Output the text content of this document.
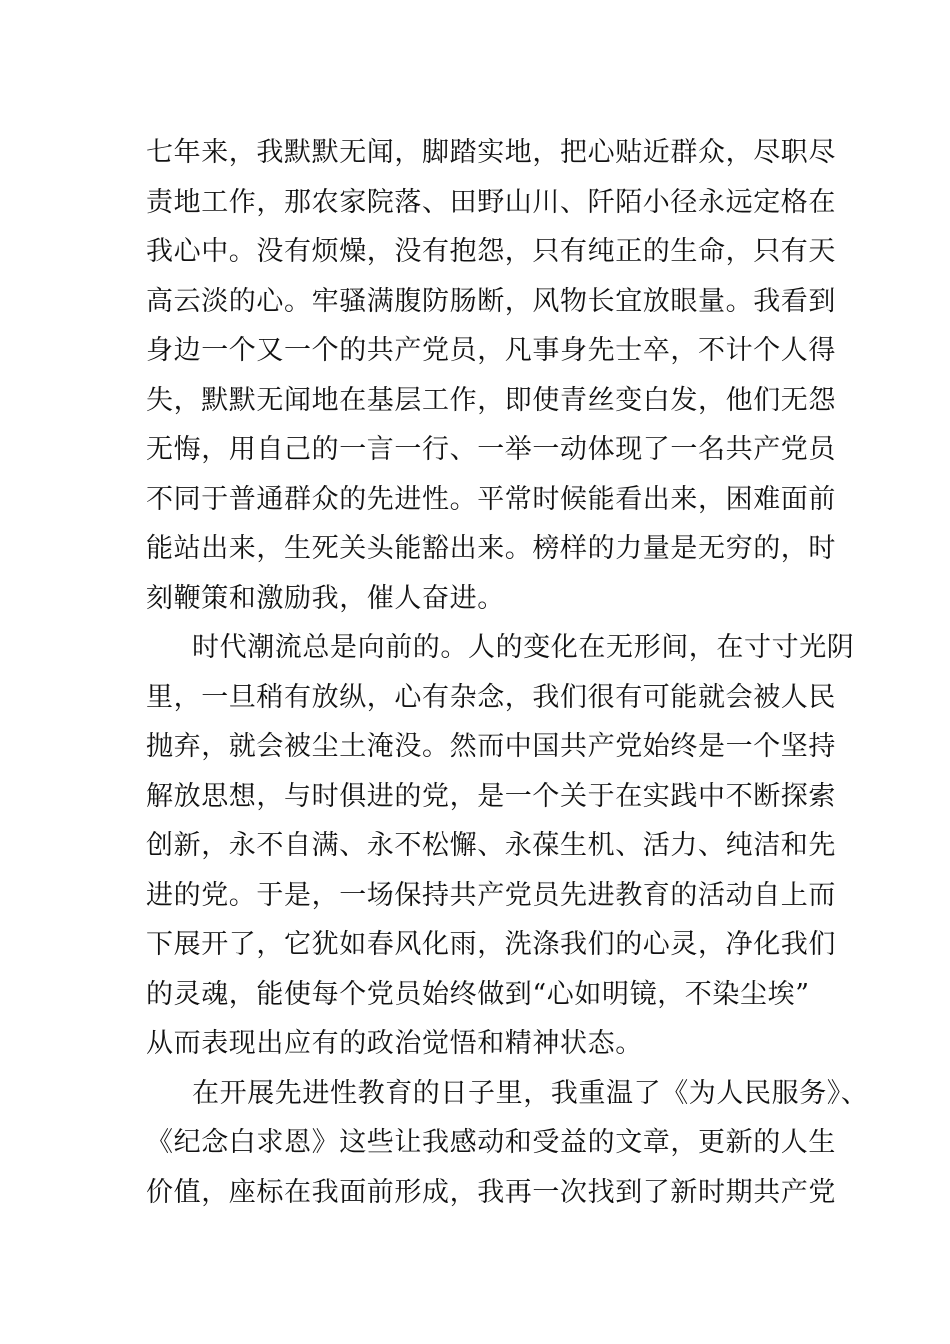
七年来，我默默无闻，脚踏实地，把心贴近群众，尽职尽
责地工作，那农家院落、田野山川、阡陌小径永远定格在
我心中。没有烦燥，没有抱怨，只有纯正的生命，只有天
高云淡的心。牢骚满腹防肠断，风物长宜放眼量。我看到
身边一个又一个的共产党员，凡事身先士卒，不计个人得
失，默默无闻地在基层工作，即使青丝变白发，他们无怨
无悔，用自己的一言一行、一举一动体现了一名共产党员
不同于普通群众的先进性。平常时候能看出来，困难面前
能站出来，生死关头能豁出来。榜样的力量是无穷的，时
刻鞭策和激励我，催人奋进。
时代潮流总是向前的。人的变化在无形间，在寸寸光阴
里，一旦稍有放纵，心有杂念，我们很有可能就会被人民
抛弃，就会被尘土淹没。然而中国共产党始终是一个坚持
解放思想，与时俱进的党，是一个关于在实践中不断探索
创新，永不自满、永不松懈、永葆生机、活力、纯洁和先
进的党。于是，一场保持共产党员先进教育的活动自上而
下展开了，它犹如春风化雨，洗涤我们的心灵，净化我们
的灵魂，能使每个党员始终做到“心如明镜，不染尘埃”
从而表现出应有的政治觉悟和精神状态。
在开展先进性教育的日子里，我重温了《为人民服务》、
《纪念白求恩》这些让我感动和受益的文章，更新的人生
价值，座标在我面前形成，我再一次找到了新时期共产党
